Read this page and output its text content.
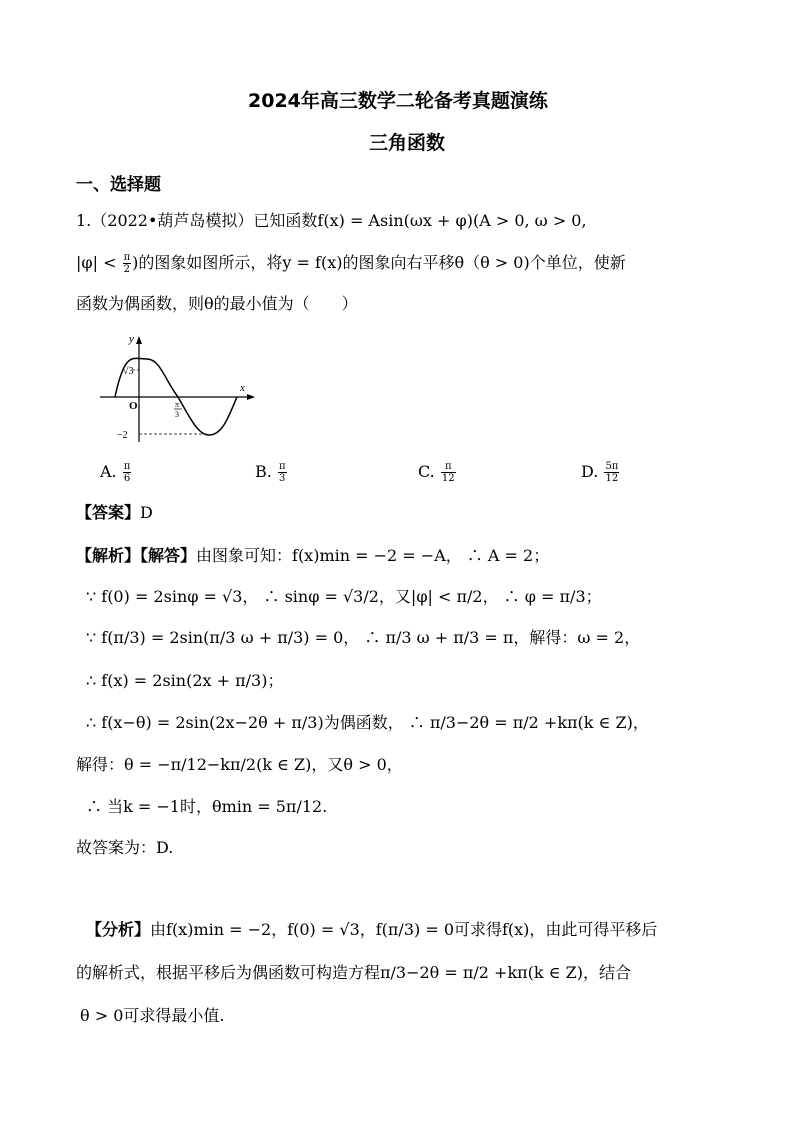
2024年高三数学二轮备考真题演练
三角函数
一、选择题
1.（2022•葫芦岛模拟）已知函数f(x) = Asin(ωx + φ)(A > 0, ω > 0,
$|\varphi| < \frac{\pi}{2}$ )的图象如图所示，将y = f(x)的图象向右平移θ（θ > 0)个单位，使新
函数为偶函数，则θ的最小值为（　　）
y
x
O
√3
−2
π
3
A. $\frac{\pi}{6}$	B. $\frac{\pi}{3}$	C. $\frac{\pi}{12}$	D. $\frac{5\pi}{12}$
【答案】D
【解析】【解答】由图象可知：f(x)min = −2 = −A， ∴ A = 2；
∵ f(0) = 2sinφ = √3， ∴ sinφ = √3/2，又|φ| < π/2， ∴ φ = π/3；
∵ f(π/3) = 2sin(π/3 ω + π/3) = 0， ∴ π/3 ω + π/3 = π，解得：ω = 2，
∴ f(x) = 2sin(2x + π/3)；
∴ f(x−θ) = 2sin(2x−2θ + π/3)为偶函数， ∴ π/3−2θ = π/2 +kπ(k ∈ Z)，
解得：θ = −π/12−kπ/2(k ∈ Z)，又θ > 0，
∴ 当k = −1时，θmin = 5π/12.
故答案为：D.
【分析】由f(x)min = −2，f(0) = √3，f(π/3) = 0可求得f(x)，由此可得平移后
的解析式，根据平移后为偶函数可构造方程π/3−2θ = π/2 +kπ(k ∈ Z)，结合
θ > 0可求得最小值.
